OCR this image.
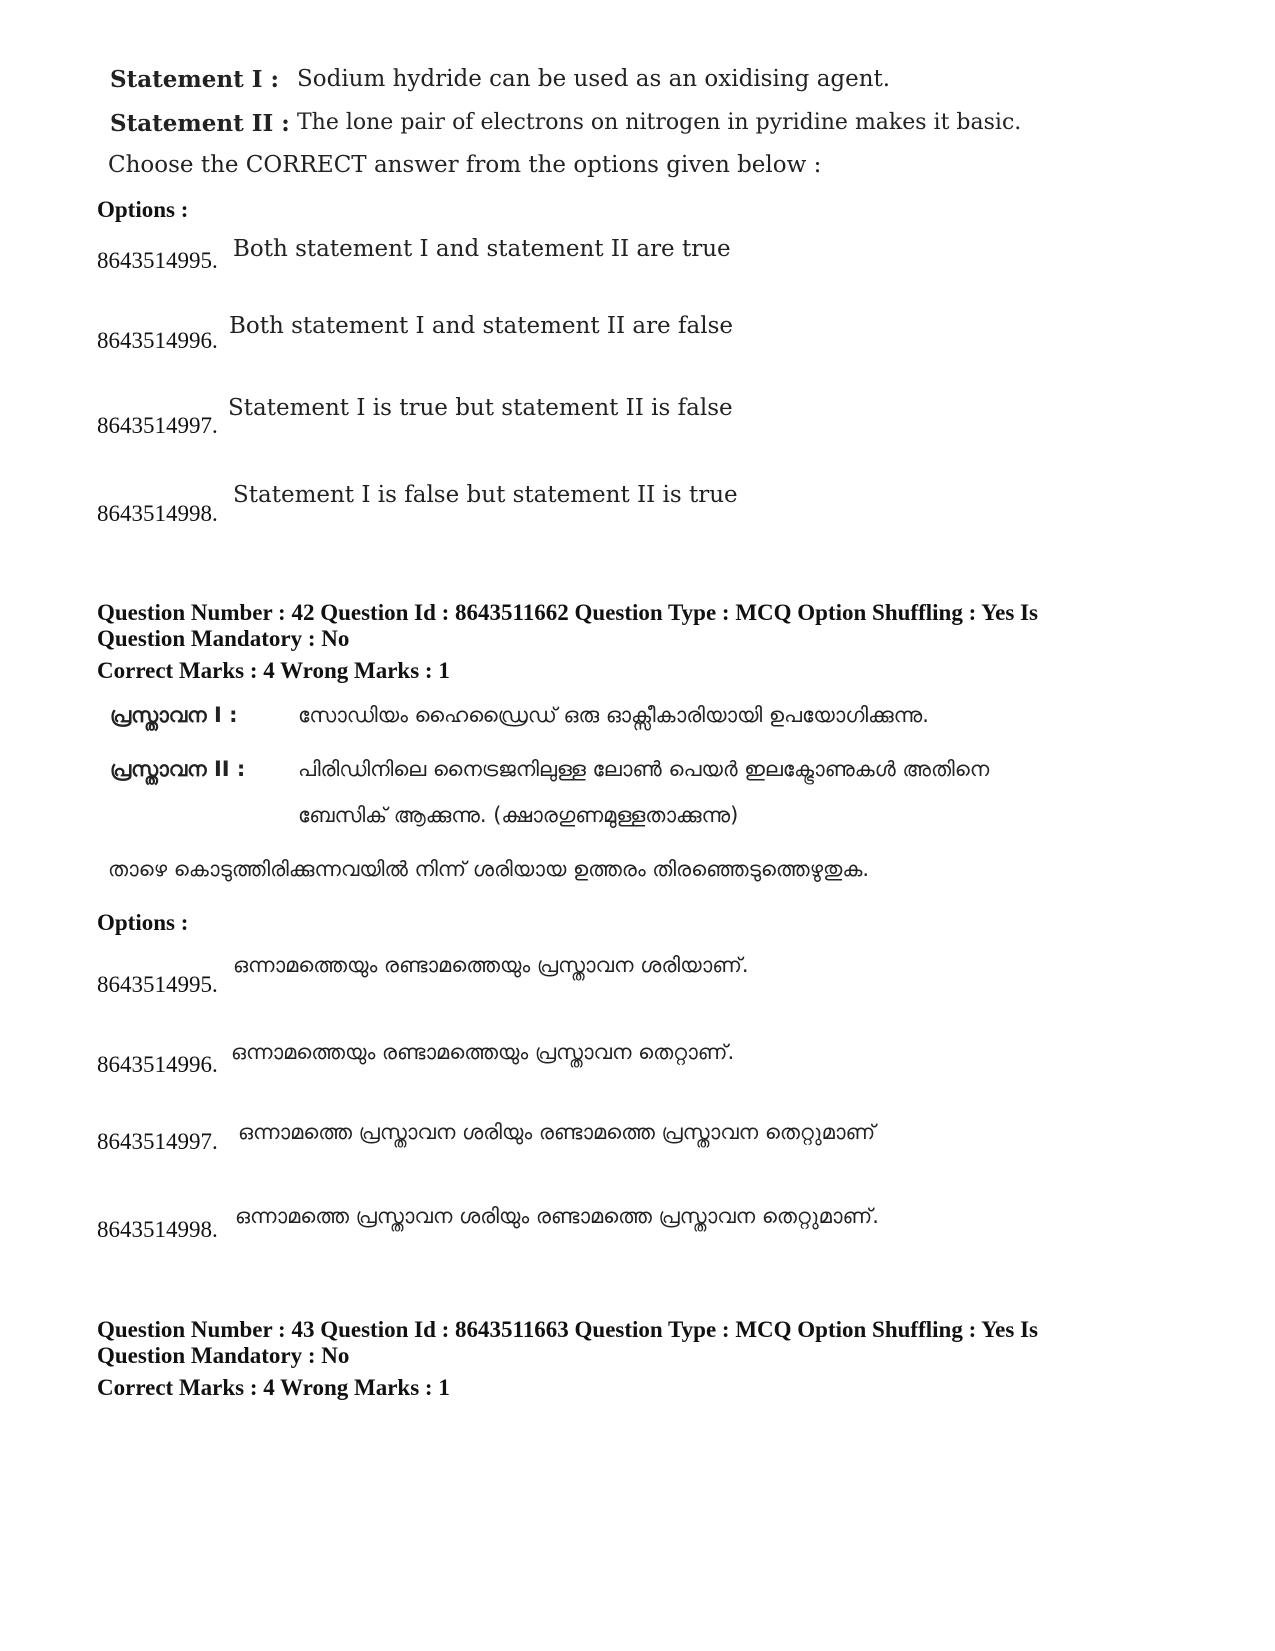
Statement I : Sodium hydride can be used as an oxidising agent.
Statement II : The lone pair of electrons on nitrogen in pyridine makes it basic.
Choose the CORRECT answer from the options given below :
Options :
8643514995. Both statement I and statement II are true
8643514996.
Both statement I and statement II are false
8643514997.
Statement I is true but statement II is false
8643514998.
Statement I is false but statement II is true
Question Number : 42 Question Id : 8643511662 Question Type : MCQ Option Shuffling : Yes Is
Question Mandatory : No
Correct Marks : 4 Wrong Marks : 1
പ്രസ്താവന I :	സോഡിയം ഹൈഡ്രൈഡ് ഒരു ഓക്സീകാരിയായി ഉപയോഗിക്കുന്നു.
പ്രസ്താവന II :	പിരിഡിനിലെ നൈട്രജനിലുള്ള ലോൺ പെയർ ഇലക്ട്രോണുകൾ അതിനെ
ബേസിക് ആക്കുന്നു. (ക്ഷാരഗുണമുള്ളതാക്കുന്നു)
താഴെ കൊടുത്തിരിക്കുന്നവയിൽ നിന്ന് ശരിയായ ഉത്തരം തിരഞ്ഞെടുത്തെഴുതുക.
Options :
8643514995.
ഒന്നാമത്തെയും രണ്ടാമത്തെയും പ്രസ്താവന ശരിയാണ്.
8643514996. ഒന്നാമത്തെയും രണ്ടാമത്തെയും പ്രസ്താവന തെറ്റാണ്.
8643514997. ഒന്നാമത്തെ പ്രസ്താവന ശരിയും രണ്ടാമത്തെ പ്രസ്താവന തെറ്റുമാണ്
8643514998.
ഒന്നാമത്തെ പ്രസ്താവന ശരിയും രണ്ടാമത്തെ പ്രസ്താവന തെറ്റുമാണ്.
Question Number : 43 Question Id : 8643511663 Question Type : MCQ Option Shuffling : Yes Is
Question Mandatory : No
Correct Marks : 4 Wrong Marks : 1
